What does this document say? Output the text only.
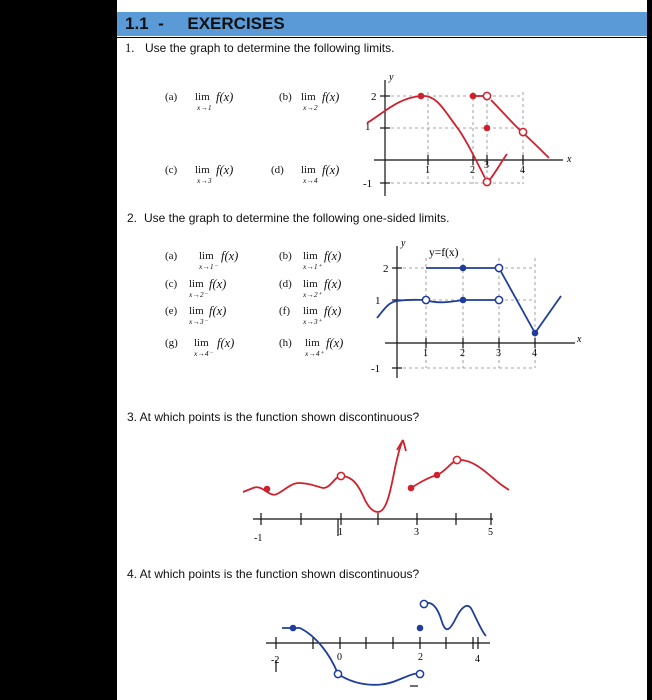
1.1  - EXERCISES
1. Use the graph to determine the following limits.
(a) lim f(x)
x→1
(b) lim f(x)
x→2
(c) lim f(x)
x→3
(d) lim f(x)
x→4
2
1
-1
1	2 3	4
y
x
2. Use the graph to determine the following one-sided limits.
(a) lim f(x)
x→1⁻
(b) lim f(x)
x→1⁺
(c) lim f(x)
x→2⁻
(d) lim f(x)
x→2⁺
(e) lim f(x)
x→3⁻
(f) lim f(x)
x→3⁺
(g) lim f(x)
x→4⁻
(h) lim f(x)
x→4⁺
2
1
-1
1	2	3	4
y
x
y=f(x)
3. At which points is the function shown discontinuous?
-1
1	3	5
4. At which points is the function shown discontinuous?
-2	0	2	4
